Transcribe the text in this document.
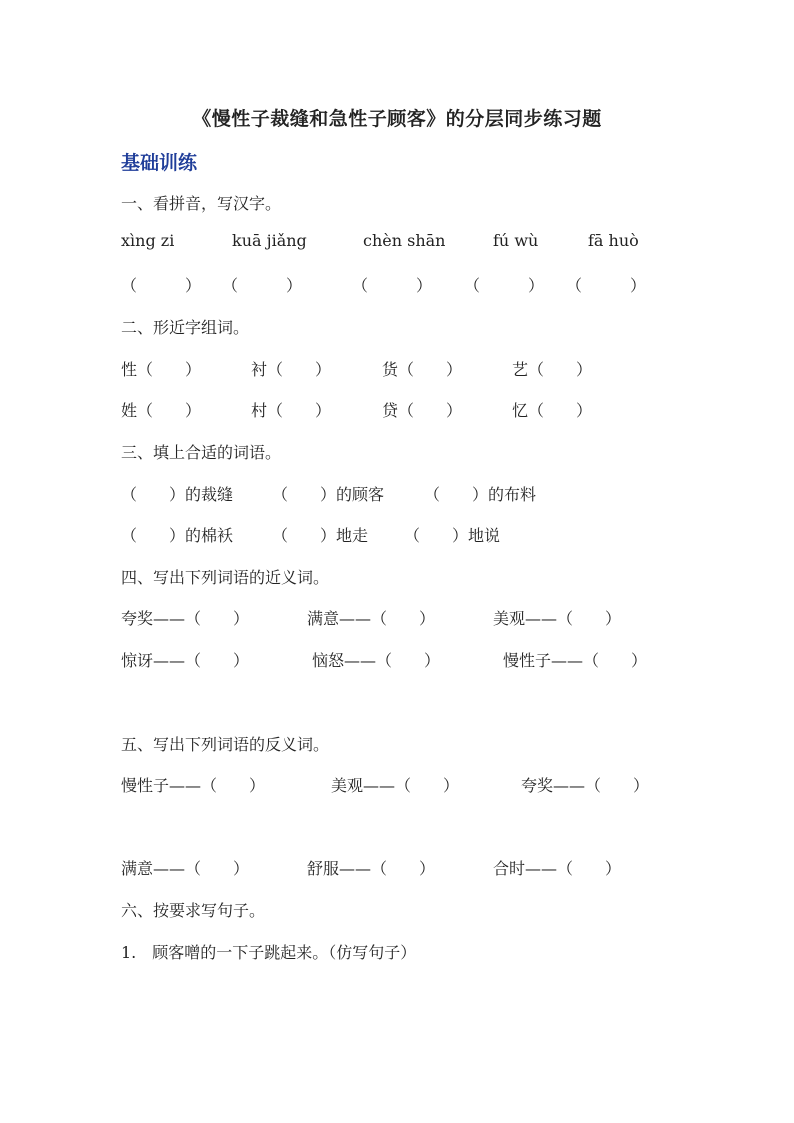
《慢性子裁缝和急性子顾客》的分层同步练习题
基础训练
一、看拼音，写汉字。
xìng zi	kuā jiǎng	chèn shān	fú wù	fā huò
（　　　） （　　　）	（　　　） （　　　） （　　　）
二、形近字组词。
性（　　）	衬（　　）	货（　　）	艺（　　）
姓（　　）	村（　　）	贷（　　）	忆（　　）
三、填上合适的词语。
（　　）的裁缝 （　　）的顾客 （　　）的布料
（　　）的棉袄 （　　）地走 （　　）地说
四、写出下列词语的近义词。
夸奖——（　　）	满意——（　　）	美观——（　　）
惊讶——（　　）	恼怒——（　　）	慢性子——（　　）
五、写出下列词语的反义词。
慢性子——（　　）	美观——（　　）	夸奖——（　　）
满意——（　　）	舒服——（　　）	合时——（　　）
六、按要求写句子。
1.　顾客噌的一下子跳起来。（仿写句子）
